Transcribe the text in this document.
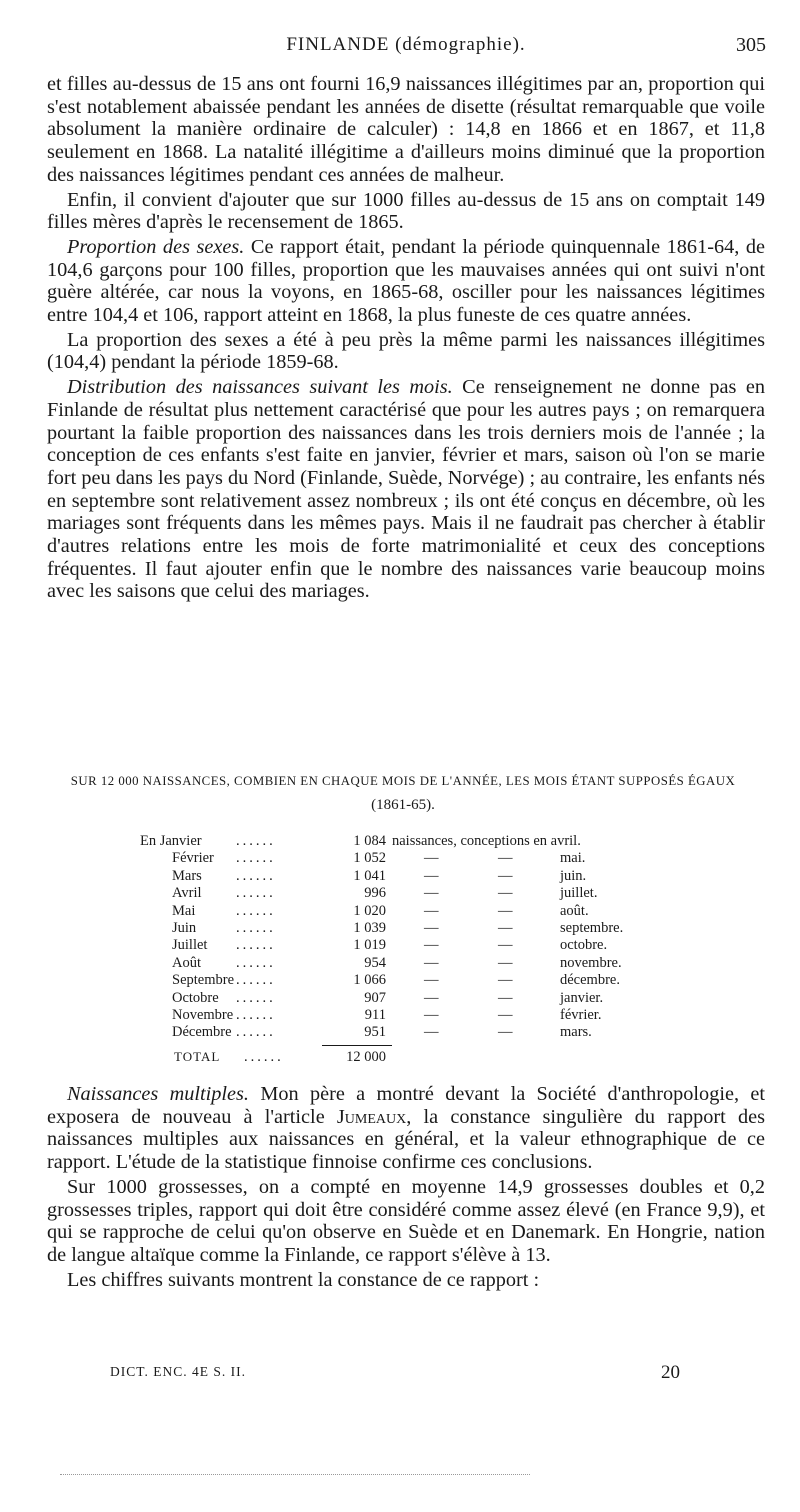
FINLANDE (démographie).	305

et filles au-dessus de 15 ans ont fourni 16,9 naissances illégitimes par an, proportion qui s'est notablement abaissée pendant les années de disette (résultat remarquable que voile absolument la manière ordinaire de calculer) : 14,8 en 1866 et en 1867, et 11,8 seulement en 1868. La natalité illégitime a d'ailleurs moins diminué que la proportion des naissances légitimes pendant ces années de malheur.

Enfin, il convient d'ajouter que sur 1000 filles au-dessus de 15 ans on comptait 149 filles mères d'après le recensement de 1865.

Proportion des sexes. Ce rapport était, pendant la période quinquennale 1861-64, de 104,6 garçons pour 100 filles, proportion que les mauvaises années qui ont suivi n'ont guère altérée, car nous la voyons, en 1865-68, osciller pour les naissances légitimes entre 104,4 et 106, rapport atteint en 1868, la plus funeste de ces quatre années.

La proportion des sexes a été à peu près la même parmi les naissances illégitimes (104,4) pendant la période 1859-68.

Distribution des naissances suivant les mois. Ce renseignement ne donne pas en Finlande de résultat plus nettement caractérisé que pour les autres pays ; on remarquera pourtant la faible proportion des naissances dans les trois derniers mois de l'année ; la conception de ces enfants s'est faite en janvier, février et mars, saison où l'on se marie fort peu dans les pays du Nord (Finlande, Suède, Norvége) ; au contraire, les enfants nés en septembre sont relativement assez nombreux ; ils ont été conçus en décembre, où les mariages sont fréquents dans les mêmes pays. Mais il ne faudrait pas chercher à établir d'autres relations entre les mois de forte matrimonialité et ceux des conceptions fréquentes. Il faut ajouter enfin que le nombre des naissances varie beaucoup moins avec les saisons que celui des mariages.

SUR 12 000 NAISSANCES, COMBIEN EN CHAQUE MOIS DE L'ANNÉE, LES MOIS ÉTANT SUPPOSÉS ÉGAUX
(1861-65).
En Janvier ......	1 084 naissances, conceptions en avril.
Février ......	1 052	—	—	mai.
Mars ......	1 041	—	—	juin.
Avril ......	996	—	—	juillet.
Mai	......	1 020	—	—	août.
Juin	......	1 039	—	—	septembre.
Juillet ......	1 019	—	—	octobre.
Août ......	954	—	—	novembre.
Septembre ......	1 066	—	—	décembre.
Octobre ......	907	—	—	janvier.
Novembre ......	911	—	—	février.
Décembre ......	951	—	—	mars.
TOTAL ......	12 000

Naissances multiples. Mon père a montré devant la Société d'anthropologie, et exposera de nouveau à l'article Jumeaux, la constance singulière du rapport des naissances multiples aux naissances en général, et la valeur ethnographique de ce rapport. L'étude de la statistique finnoise confirme ces conclusions.

Sur 1000 grossesses, on a compté en moyenne 14,9 grossesses doubles et 0,2 grossesses triples, rapport qui doit être considéré comme assez élevé (en France 9,9), et qui se rapproche de celui qu'on observe en Suède et en Danemark. En Hongrie, nation de langue altaïque comme la Finlande, ce rapport s'élève à 13.

Les chiffres suivants montrent la constance de ce rapport :

DICT. ENC. 4E S. II.	20
